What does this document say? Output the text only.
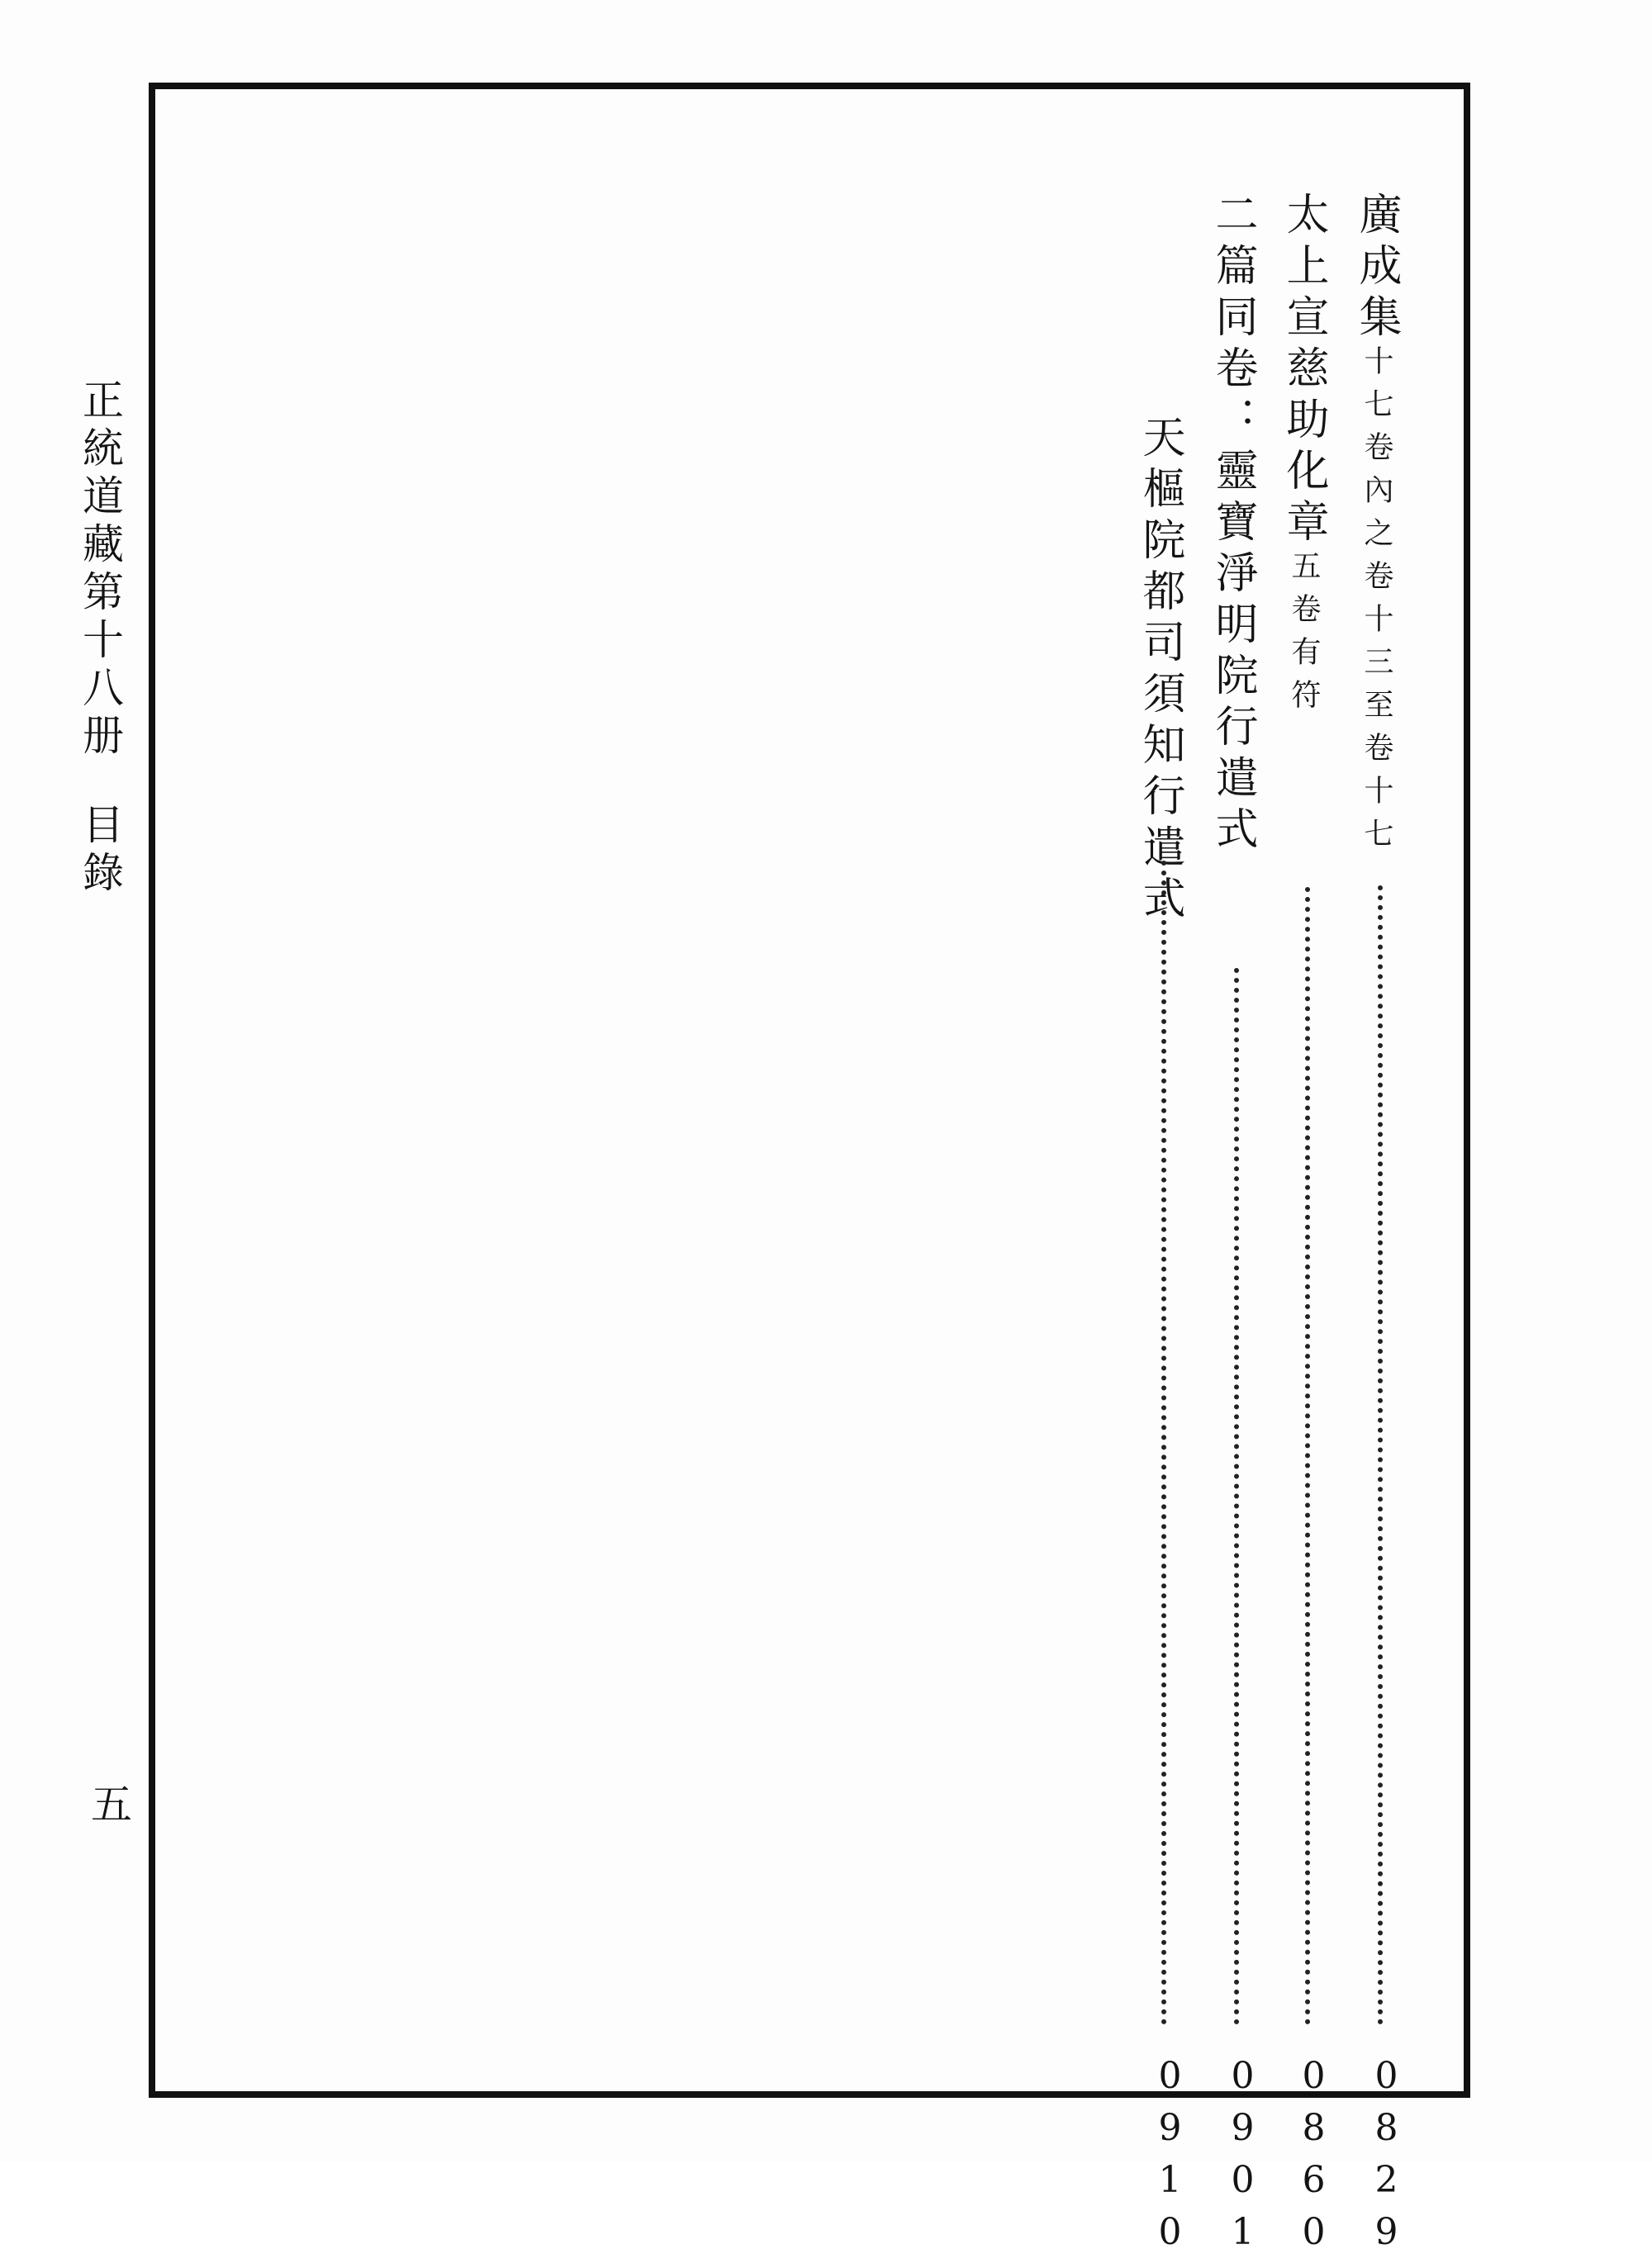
正統道藏第十八册目錄
五
廣成集十七卷內之卷十三至卷十七
0829
太上宣慈助化章五卷有符
0860
二篇同卷：靈寶淨明院行遣式
0901
天樞院都司須知行遣式
0910
